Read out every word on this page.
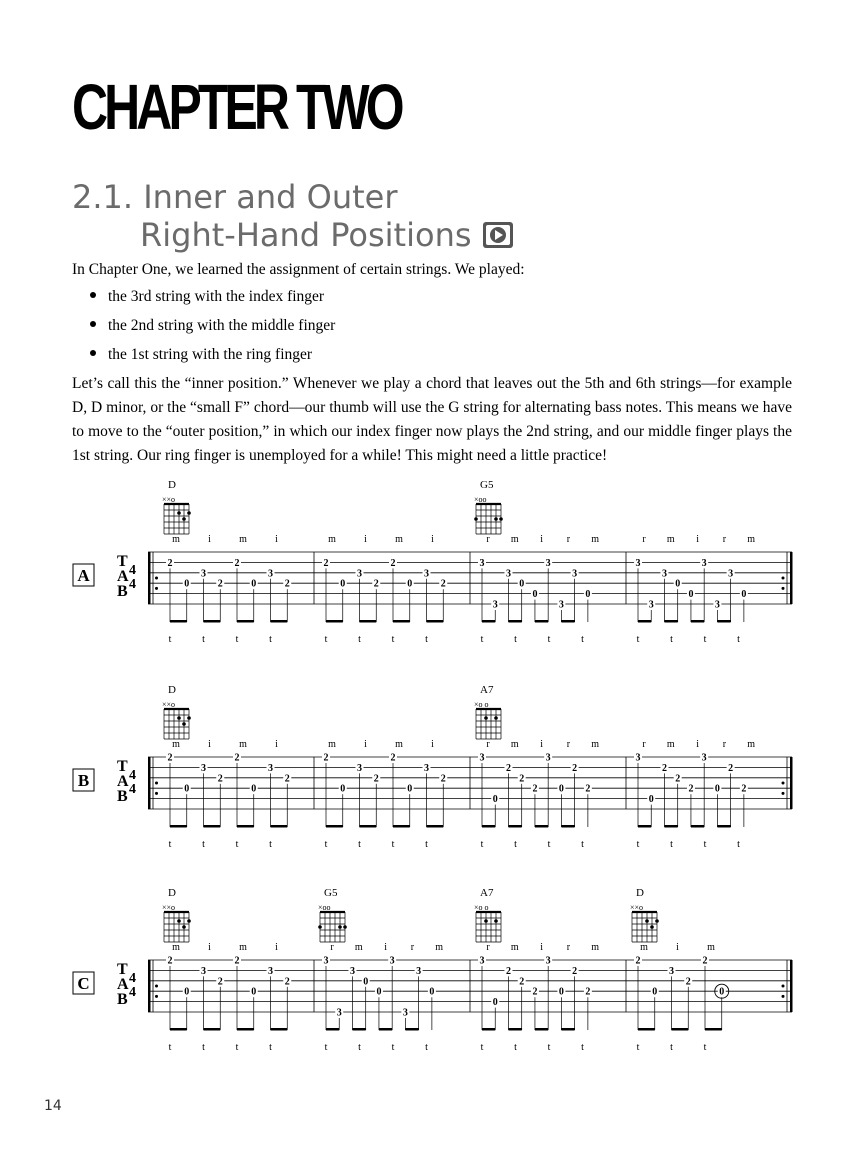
CHAPTER TWO
2.1. Inner and Outer
Right-Hand Positions

In Chapter One, we learned the assignment of certain strings. We played:

the 3rd string with the index finger
the 2nd string with the middle finger
the 1st string with the ring finger

Let’s call this the “inner position.” Whenever we play a chord that leaves out the 5th and 6th strings—for example D, D minor, or the “small F” chord—our thumb will use the G string for alternating bass notes. This means we have to move to the “outer position,” in which our index finger now plays the 2nd string, and our middle finger plays the 1st string. Our ring finger is unemployed for a while! This might need a little practice!

T
A
B
4
4
A
D
××o
2
0
3
2
2
0
3
2
m	i	m	i
t	t	t	t
2
0
3
2
2
0
3
2
m	i	m	i
t	t	t	t
G5
×oo
3
3
3
0
0
3
3
3
0
r m i r m
t	t	t	t
3
3
3
0
0
3
3
3
0
r m i r m
t	t	t	t
T
A
B
4
4
B
D
××o
2
0
3
2
2
0
3
2
m	i	m	i
t	t	t	t
2
0
3
2
2
0
3
2
m	i	m	i
t	t	t	t
A7
×o o
3
0
2
2
2
3
0
2
2
r m i r m
t	t	t	t
3
0
2
2
2
3
0
2
2
r m i r m
t	t	t	t
T
A
B
4
4
C
D
××o
2
0
3
2
2
0
3
2
m	i	m	i
t	t	t	t
G5
×oo
3
3
3
0
0
3
3
3
0
r m i r m
t	t	t	t
A7
×o o
3
0
2
2
2
3
0
2
2
r m i r m
t	t	t	t
D
××o
2
0
3
2
2
0
m	i	m
t	t	t
14
